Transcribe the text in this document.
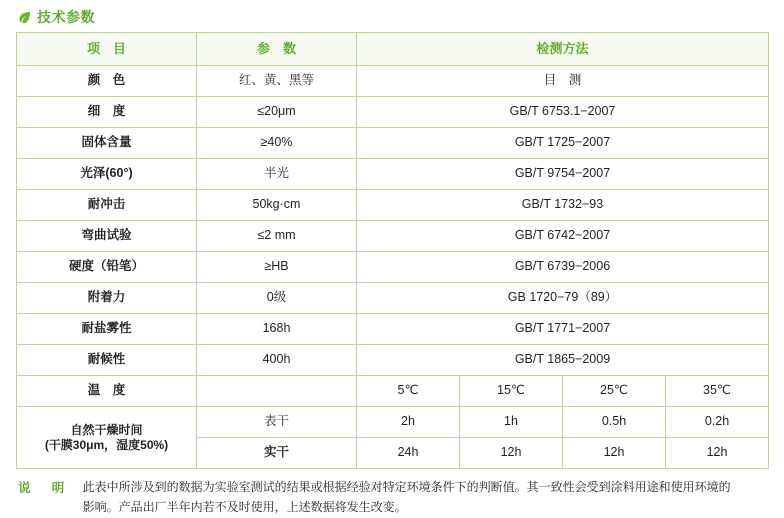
技术参数
项　目	参　数	检测方法			
颜　色	红、黄、黑等	目　测			
细　度	≤20μm	GB/T 6753.1−2007			
固体含量	≥40%	GB/T 1725−2007			
光泽(60°)	半光	GB/T 9754−2007			
耐冲击	50kg·cm	GB/T 1732−93			
弯曲试验	≤2 mm	GB/T 6742−2007			
硬度（铅笔）	≥HB	GB/T 6739−2006			
附着力	0级	GB 1720−79（89）			
耐盐雾性	168h	GB/T 1771−2007			
耐候性	400h	GB/T 1865−2009			
温　度		5℃	15℃	25℃	35℃
自然干燥时间
(干膜30μm，湿度50%)	表干	2h	1h	0.5h	0.2h
	实干	24h	12h	12h	12h
说　明	此表中所涉及到的数据为实验室测试的结果或根据经验对特定环境条件下的判断值。其一致性会受到涂料用途和使用环境的
影响。产品出厂半年内若不及时使用，上述数据将发生改变。
